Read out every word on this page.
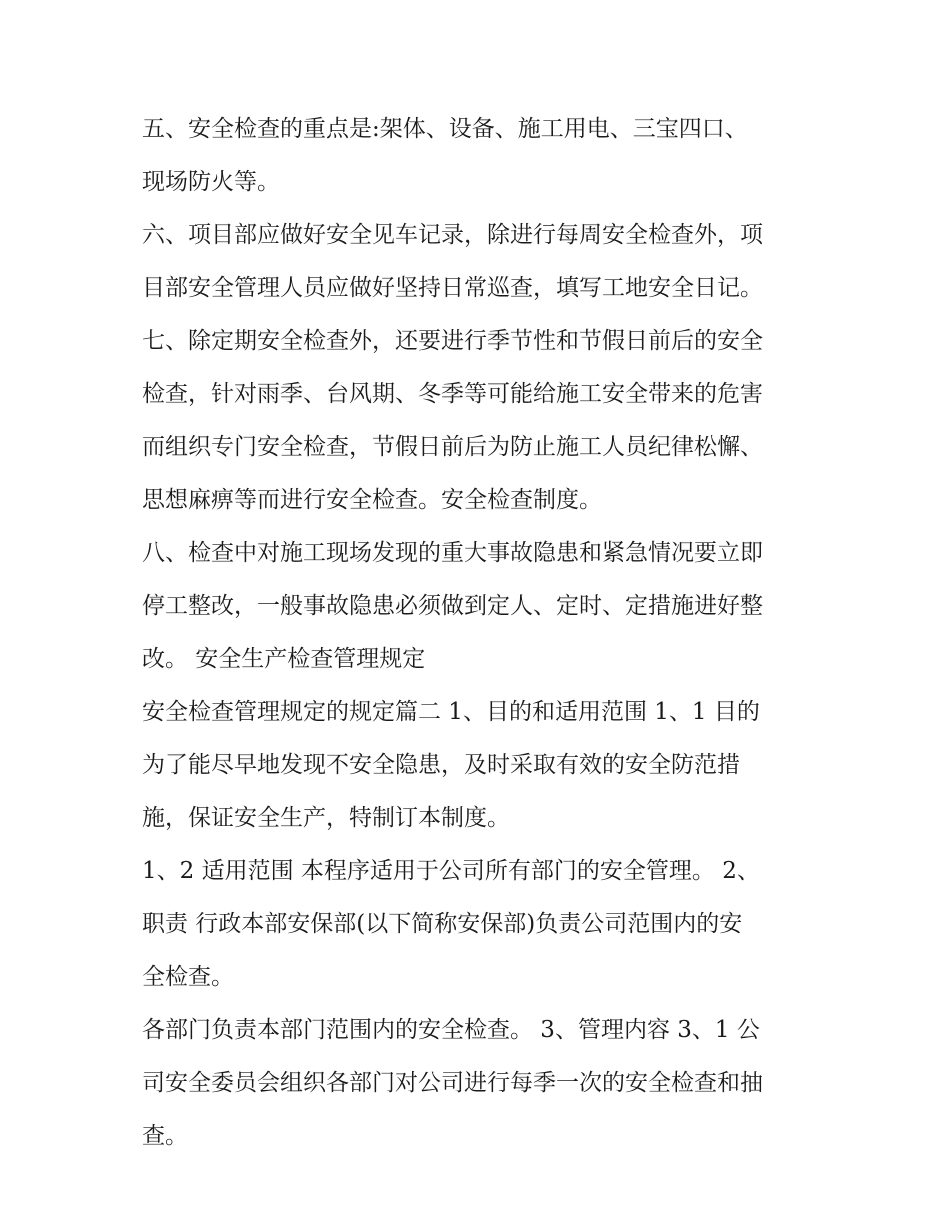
五、安全检查的重点是:架体、设备、施工用电、三宝四口、
现场防火等。
六、项目部应做好安全见车记录，除进行每周安全检查外，项
目部安全管理人员应做好坚持日常巡查，填写工地安全日记。
七、除定期安全检查外，还要进行季节性和节假日前后的安全
检查，针对雨季、台风期、冬季等可能给施工安全带来的危害
而组织专门安全检查，节假日前后为防止施工人员纪律松懈、
思想麻痹等而进行安全检查。安全检查制度。
八、检查中对施工现场发现的重大事故隐患和紧急情况要立即
停工整改，一般事故隐患必须做到定人、定时、定措施进好整
改。 安全生产检查管理规定
安全检查管理规定的规定篇二 1、目的和适用范围 1、1 目的
为了能尽早地发现不安全隐患，及时采取有效的安全防范措
施，保证安全生产，特制订本制度。
1、2 适用范围 本程序适用于公司所有部门的安全管理。 2、
职责 行政本部安保部(以下简称安保部)负责公司范围内的安
全检查。
各部门负责本部门范围内的安全检查。 3、管理内容 3、1 公
司安全委员会组织各部门对公司进行每季一次的安全检查和抽
查。
